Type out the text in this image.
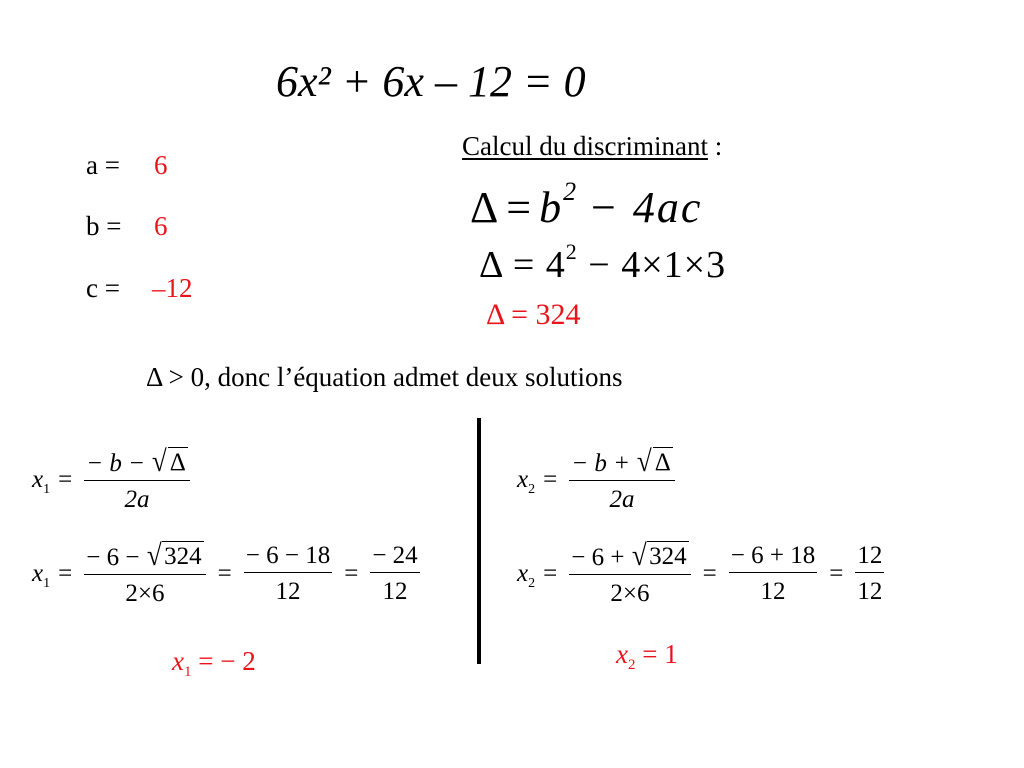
6x² + 6x – 12 = 0
a = 6
b = 6
c = –12
Calcul du discriminant :
$\Delta = b^2 - 4ac$
$\Delta = 4^2 - 4\times 1\times 3$
Δ = 324
Δ > 0, donc l’équation admet deux solutions
$x_1 = \frac{- b - √ \Delta}{2a}$
$x_1 = \frac{- 6 - √ 324}{2\times 6} = \frac{- 6 - 18}{12} = \frac{- 24}{12}$
$x_1$ = − 2
$x_2 = \frac{- b + √ \Delta}{2a}$
$x_2 = \frac{- 6 + √ 324}{2\times 6} = \frac{- 6 + 18}{12} = \frac{12}{12}$
$x_2 = 1$
